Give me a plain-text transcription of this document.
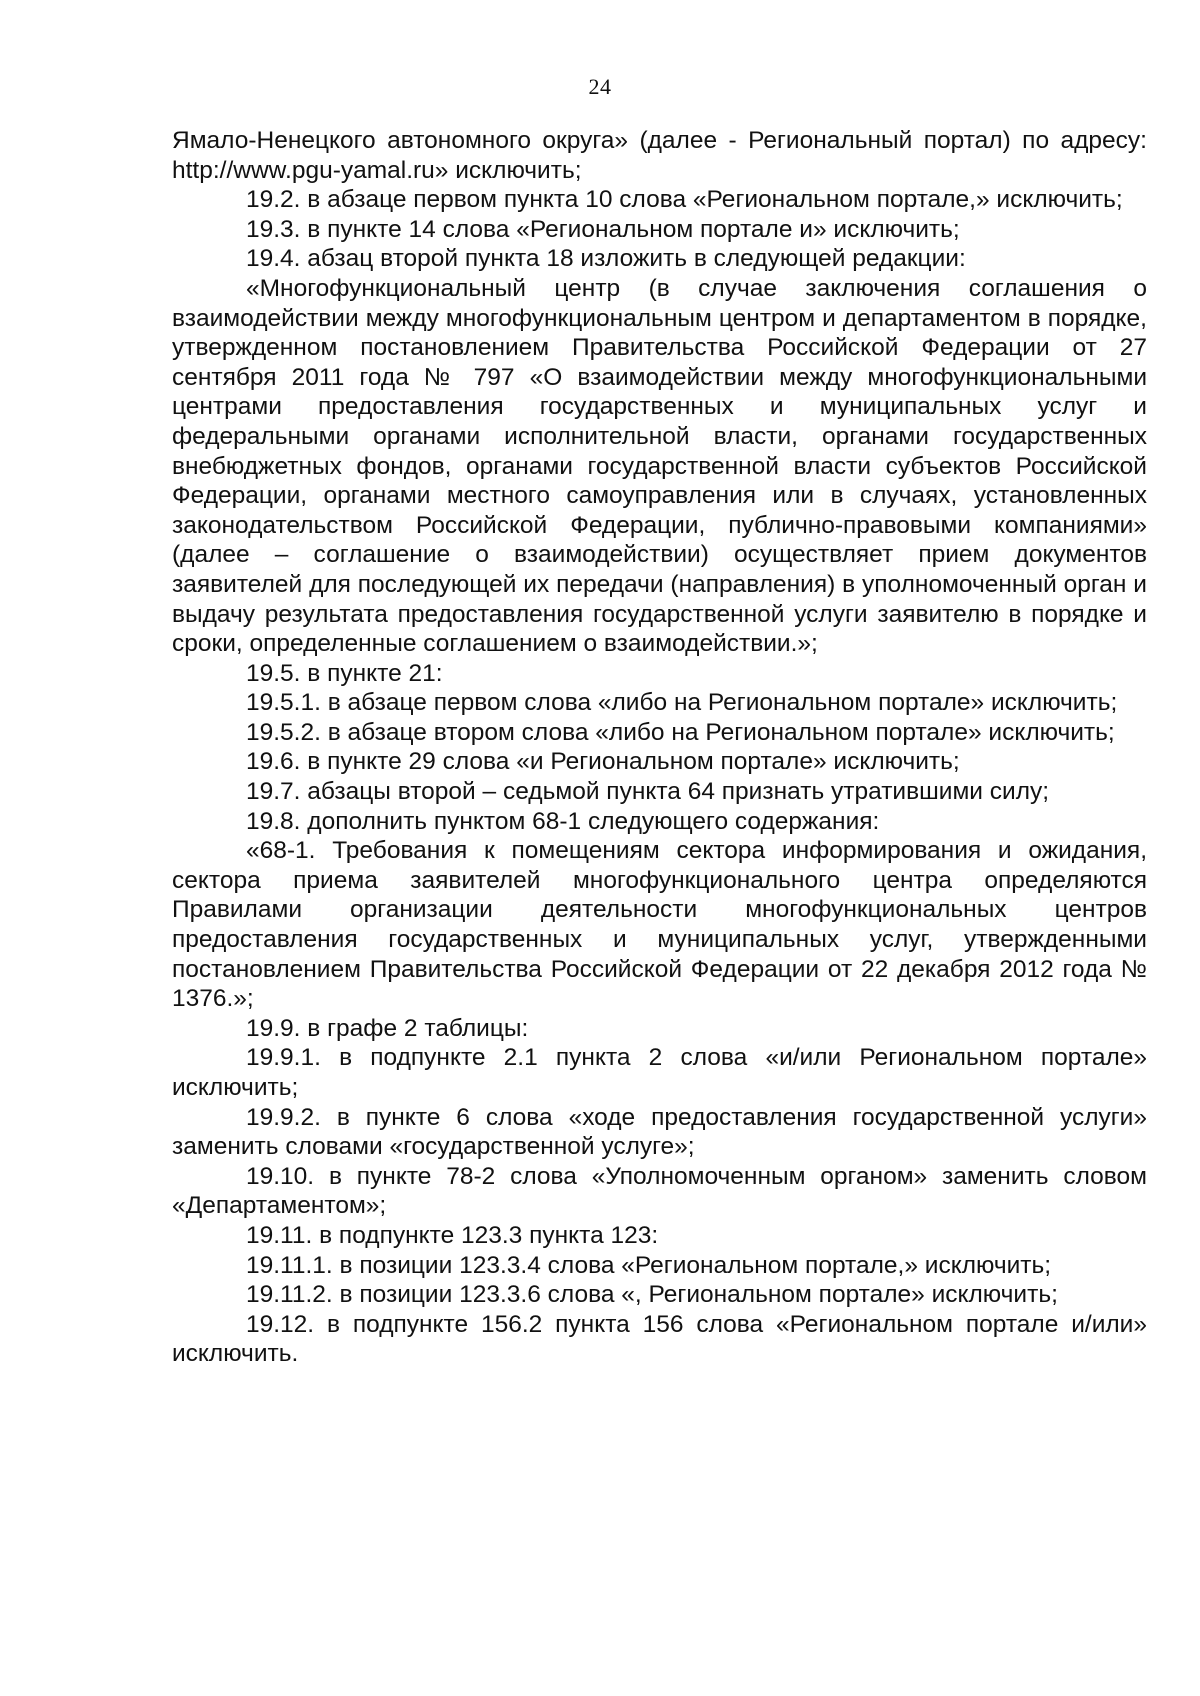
24

Ямало-Ненецкого автономного округа» (далее - Региональный портал) по адресу: http://www.pgu-yamal.ru» исключить;

19.2. в абзаце первом пункта 10 слова «Региональном портале,» исключить;

19.3. в пункте 14 слова «Региональном портале и» исключить;

19.4. абзац второй пункта 18 изложить в следующей редакции:

«Многофункциональный центр (в случае заключения соглашения о взаимодействии между многофункциональным центром и департаментом в порядке, утвержденном постановлением Правительства Российской Федерации от 27 сентября 2011 года № 797 «О взаимодействии между многофункциональными центрами предоставления государственных и муниципальных услуг и федеральными органами исполнительной власти, органами государственных внебюджетных фондов, органами государственной власти субъектов Российской Федерации, органами местного самоуправления или в случаях, установленных законодательством Российской Федерации, публично-правовыми компаниями» (далее – соглашение о взаимодействии) осуществляет прием документов заявителей для последующей их передачи (направления) в уполномоченный орган и выдачу результата предоставления государственной услуги заявителю в порядке и сроки, определенные соглашением о взаимодействии.»;

19.5. в пункте 21:

19.5.1. в абзаце первом слова «либо на Региональном портале» исключить;

19.5.2. в абзаце втором слова «либо на Региональном портале» исключить;

19.6. в пункте 29 слова «и Региональном портале» исключить;

19.7. абзацы второй – седьмой пункта 64 признать утратившими силу;

19.8. дополнить пунктом 68-1 следующего содержания:

«68-1. Требования к помещениям сектора информирования и ожидания, сектора приема заявителей многофункционального центра определяются Правилами организации деятельности многофункциональных центров предоставления государственных и муниципальных услуг, утвержденными постановлением Правительства Российской Федерации от 22 декабря 2012 года № 1376.»;

19.9. в графе 2 таблицы:

19.9.1. в подпункте 2.1 пункта 2 слова «и/или Региональном портале» исключить;

19.9.2. в пункте 6 слова «ходе предоставления государственной услуги» заменить словами «государственной услуге»;

19.10. в пункте 78-2 слова «Уполномоченным органом» заменить словом «Департаментом»;

19.11. в подпункте 123.3 пункта 123:

19.11.1. в позиции 123.3.4 слова «Региональном портале,» исключить;

19.11.2. в позиции 123.3.6 слова «, Региональном портале» исключить;

19.12. в подпункте 156.2 пункта 156 слова «Региональном портале и/или» исключить.
